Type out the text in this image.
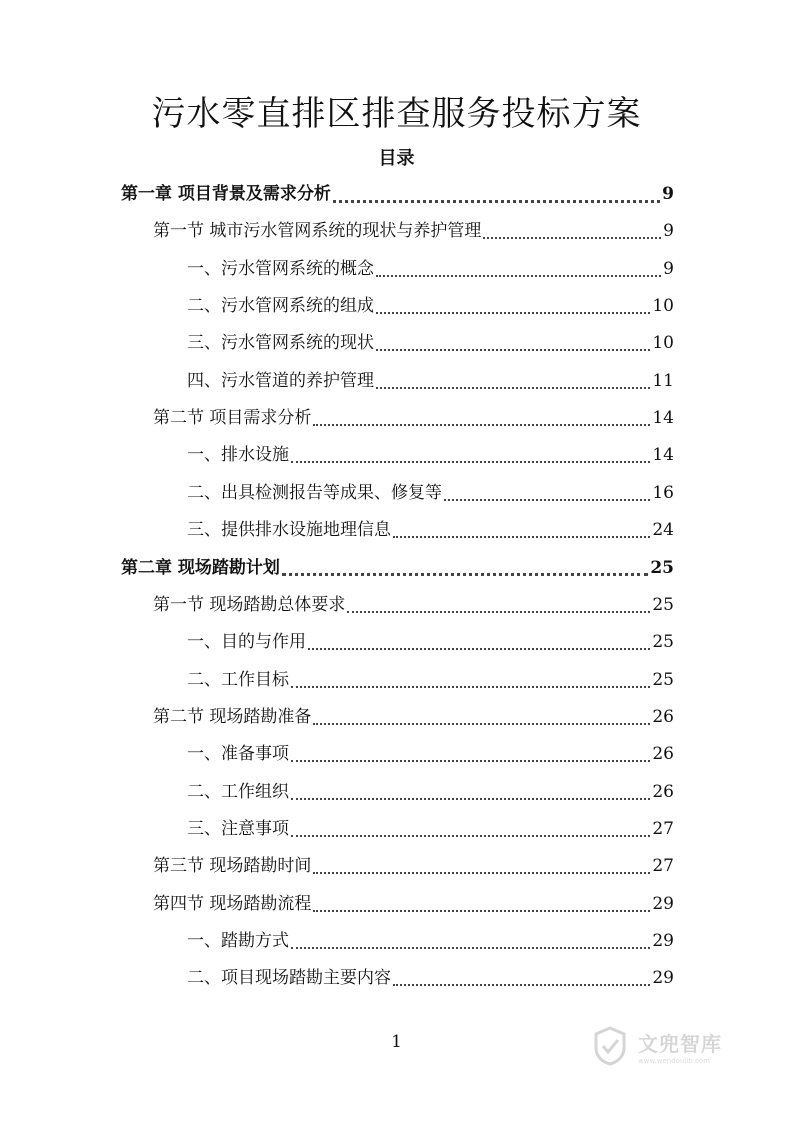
污水零直排区排查服务投标方案
目录
第一章 项目背景及需求分析	9
第一节 城市污水管网系统的现状与养护管理	9
一、污水管网系统的概念	9
二、污水管网系统的组成	10
三、污水管网系统的现状	10
四、污水管道的养护管理	11
第二节 项目需求分析	14
一、排水设施	14
二、出具检测报告等成果、修复等	16
三、提供排水设施地理信息	24
第二章 现场踏勘计划	25
第一节 现场踏勘总体要求	25
一、目的与作用	25
二、工作目标	25
第二节 现场踏勘准备	26
一、准备事项	26
二、工作组织	26
三、注意事项	27
第三节 现场踏勘时间	27
第四节 现场踏勘流程	29
一、踏勘方式	29
二、项目现场踏勘主要内容	29
1	文兜智库
www.wendoulib.com
